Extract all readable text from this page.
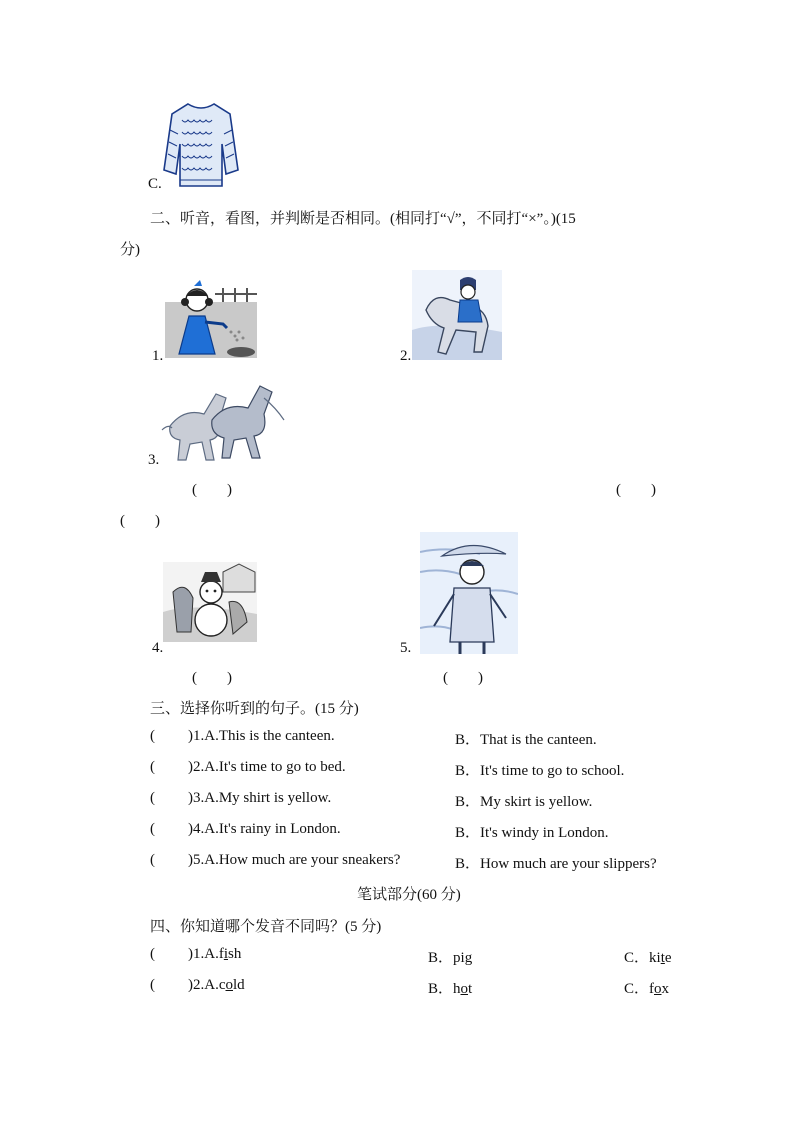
C.
二、听音，看图，并判断是否相同。(相同打“√”，不同打“×”。)(15
分)
1.	2.
3.
(　　)	(　　)
(　　)
4.	5.
(　　)	(　　)
三、选择你听到的句子。(15 分)
( )1.A.This is the canteen.	B．That is the canteen.
( )2.A.It's time to go to bed.	B．It's time to go to school.
( )3.A.My shirt is yellow.	B．My skirt is yellow.
( )4.A.It's rainy in London.	B．It's windy in London.
( )5.A.How much are your sneakers?	B．How much are your slippers?
笔试部分(60 分)
四、你知道哪个发音不同吗？(5 分)
( )1.A.fish	B．pig	C．kite
( )2.A.cold	B．hot	C．fox
